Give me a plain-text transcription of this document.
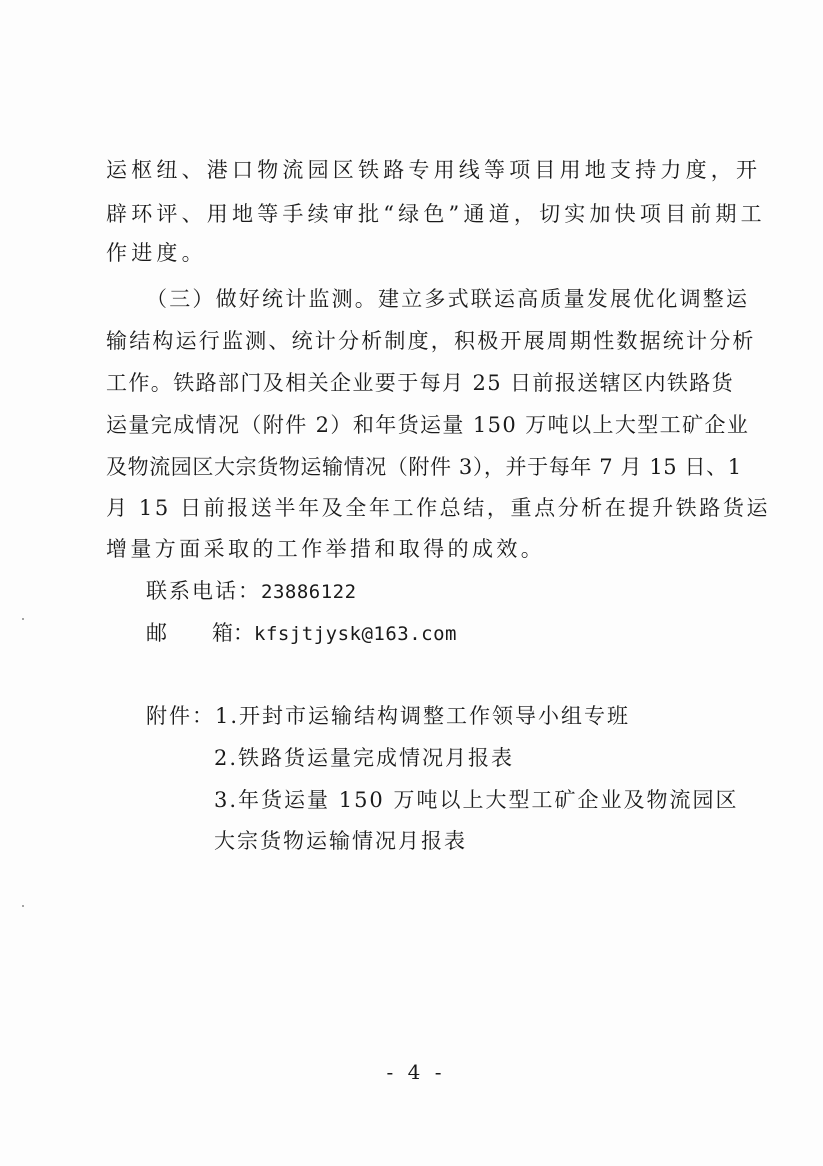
运枢纽、港口物流园区铁路专用线等项目用地支持力度，开
辟环评、用地等手续审批“绿色”通道，切实加快项目前期工
作进度。
（三）做好统计监测。建立多式联运高质量发展优化调整运
输结构运行监测、统计分析制度，积极开展周期性数据统计分析
工作。铁路部门及相关企业要于每月 25 日前报送辖区内铁路货
运量完成情况（附件 2）和年货运量 150 万吨以上大型工矿企业
及物流园区大宗货物运输情况（附件 3），并于每年 7 月 15 日、1
月 15 日前报送半年及全年工作总结，重点分析在提升铁路货运
增量方面采取的工作举措和取得的成效。
联系电话：23886122
邮 箱：kfsjtjysk@163.com
附件：1.开封市运输结构调整工作领导小组专班
2.铁路货运量完成情况月报表
3.年货运量 150 万吨以上大型工矿企业及物流园区
大宗货物运输情况月报表
- 4 -
